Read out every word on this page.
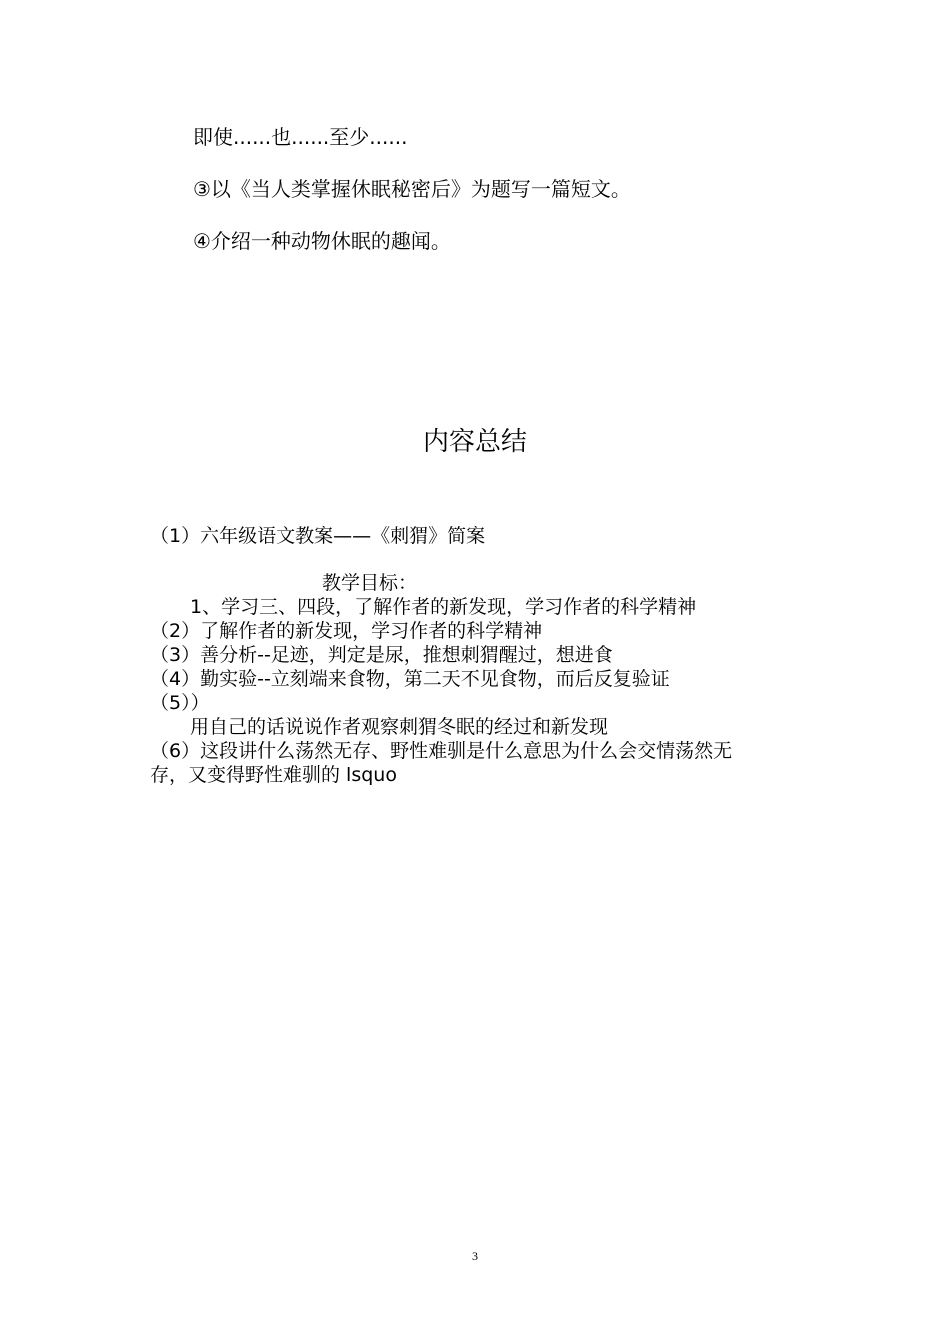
即使......也......至少......
③以《当人类掌握休眠秘密后》为题写一篇短文。
④介绍一种动物休眠的趣闻。
内容总结
（1）六年级语文教案——《刺猬》简案
教学目标：
1、学习三、四段，了解作者的新发现，学习作者的科学精神
（2）了解作者的新发现，学习作者的科学精神
（3）善分析--足迹，判定是尿，推想刺猬醒过，想进食
（4）勤实验--立刻端来食物，第二天不见食物，而后反复验证
（5））
用自己的话说说作者观察刺猬冬眠的经过和新发现
（6）这段讲什么荡然无存、野性难驯是什么意思为什么会交情荡然无
存，又变得野性难驯的 lsquo
3
